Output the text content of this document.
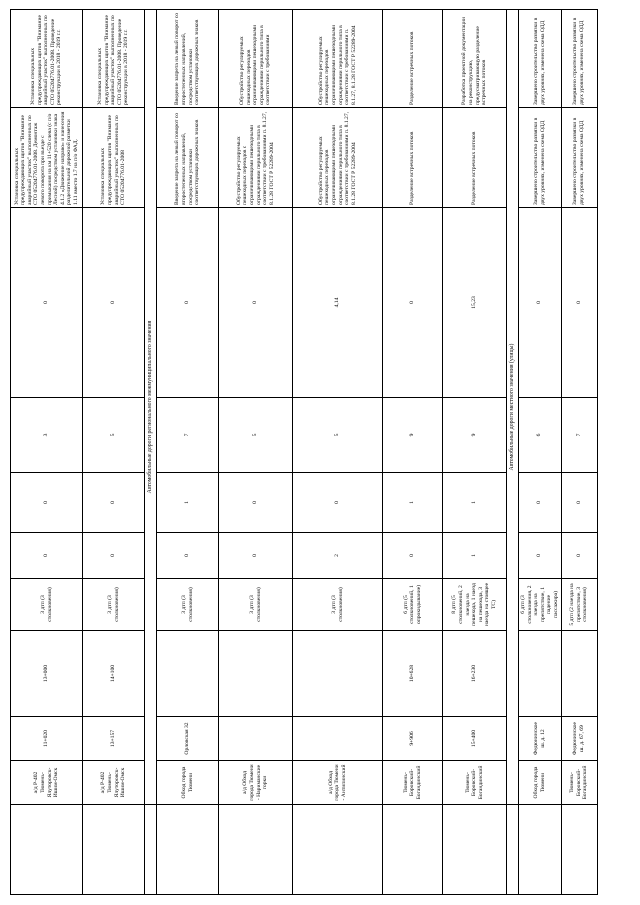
	а/д Р-402 Тюмень-Ялуторовск-Ишим-Омск	11+020	13+000	3 дтп (3 столкновения)	0	0	3	0	Установка специальных предупреждающих щитов "Внимание аварийный участок" выполненных по СТО 05204776.01-2008. Демонтаж левого поворота при въезде с примыкания на км 11+520 слева (с п/о Лесной) посредством установки знака 4.1.2 «Движение направо» и нанесения разделительной дорожной разметки 1.11 вместо 1.7 на п/о ФАД.	Установка специальных предупреждающих щитов "Внимание аварийный участок" выполненных по СТО 05204776.01-2008. Проведение реконструкции в 2018 - 2019 г.г.
	а/д Р-402 Тюмень-Ялуторовск-Ишим-Омск	13+157	14+100	3 дтп (3 столкновения)	0	0	5	0	Установка специальных предупреждающих щитов "Внимание аварийный участок" выполненных по СТО 05204776.01-2008	Установка специальных предупреждающих щитов "Внимание аварийный участок" выполненных по СТО 05204776.01-2008. Проведение реконструкции в 2018 - 2019 г.г.
	Автомобильные дороги регионального межмуниципального значения									
	Обход города Тюмени	Орловская 32		3 дтп (3 столкновения)	0	1	7	0	Введение запрета на левый поворот со второстепенных направлений, посредством установки соответствующих дорожных знаков	Введение запрета на левый поворот со второстепенных направлений, посредством установки соответствующих дорожных знаков
	а/д Обход города Тюмени - Нариманские горки			3 дтп (3 столкновения)	0	0	5	0	Обустройство регулируемых пешеходных переходов с ограничивающими пешеходными ограждениями перильного типа в соответствии с требованиями п. 8.1.27, 8.1.28 ГОСТ Р 52289-2004	Обустройство регулируемых пешеходных переходов ограничивающими пешеходными ограждениями перильного типа в соответствии с требованиями
	а/д Обход города Тюмени - Антипинский			3 дтп (3 столкновения)	2	0	5	4,14	Обустройство регулируемых пешеходных переходов ограничивающими пешеходными ограждениями перильного типа в соответствии с требованиями п. 8.1.27, 8.1.28 ГОСТ Р 52289-2004	Обустройство регулируемых пешеходных переходов ограничивающими пешеходными ограждениями перильного типа в соответствии с требованиями п. 8.1.27, 8.1.28 ГОСТ Р 52289-2004
	Тюмень-Боровский-Богандинский	9+906	10+628	6 дтп (5 столкновений, 1 опрокидывание)	0	1	9	0	Разделение встречных потоков	Разделение встречных потоков
	Тюмень-Боровский-Богандинский	15+400	16+230	8 дтп (5 столкновений, 2 наезда на пешехода, 1 наезд на пешехода, 3 наезда на стоящее ТС)	1	1	9	15,23	Разделение встречных потоков	Разработка проектной документации на реконструкцию, предусматривающую разделение встречных потоков
	Автомобильные дороги местного значения (улицы)									
	Обход города Тюмени	Федюнинское ш. д. 12		6 дтп (3 столкновения, 2 наезда на препятствие, 1 падение пассажира)	0	0	6	0	Завершено строительство развязки в двух уровнях, изменена схема ОДД	Завершено строительство развязки в двух уровнях, изменена схема ОДД
	Тюмень-Боровский-Богандинский	Федюнинское ш. д. 67, 69		5 дтп (2 наезда на препятствие, 3 столкновения)	0	0	7	0	Завершено строительство развязки в двух уровнях, изменена схема ОДД	Завершено строительство развязки в двух уровнях, изменена схема ОДД
